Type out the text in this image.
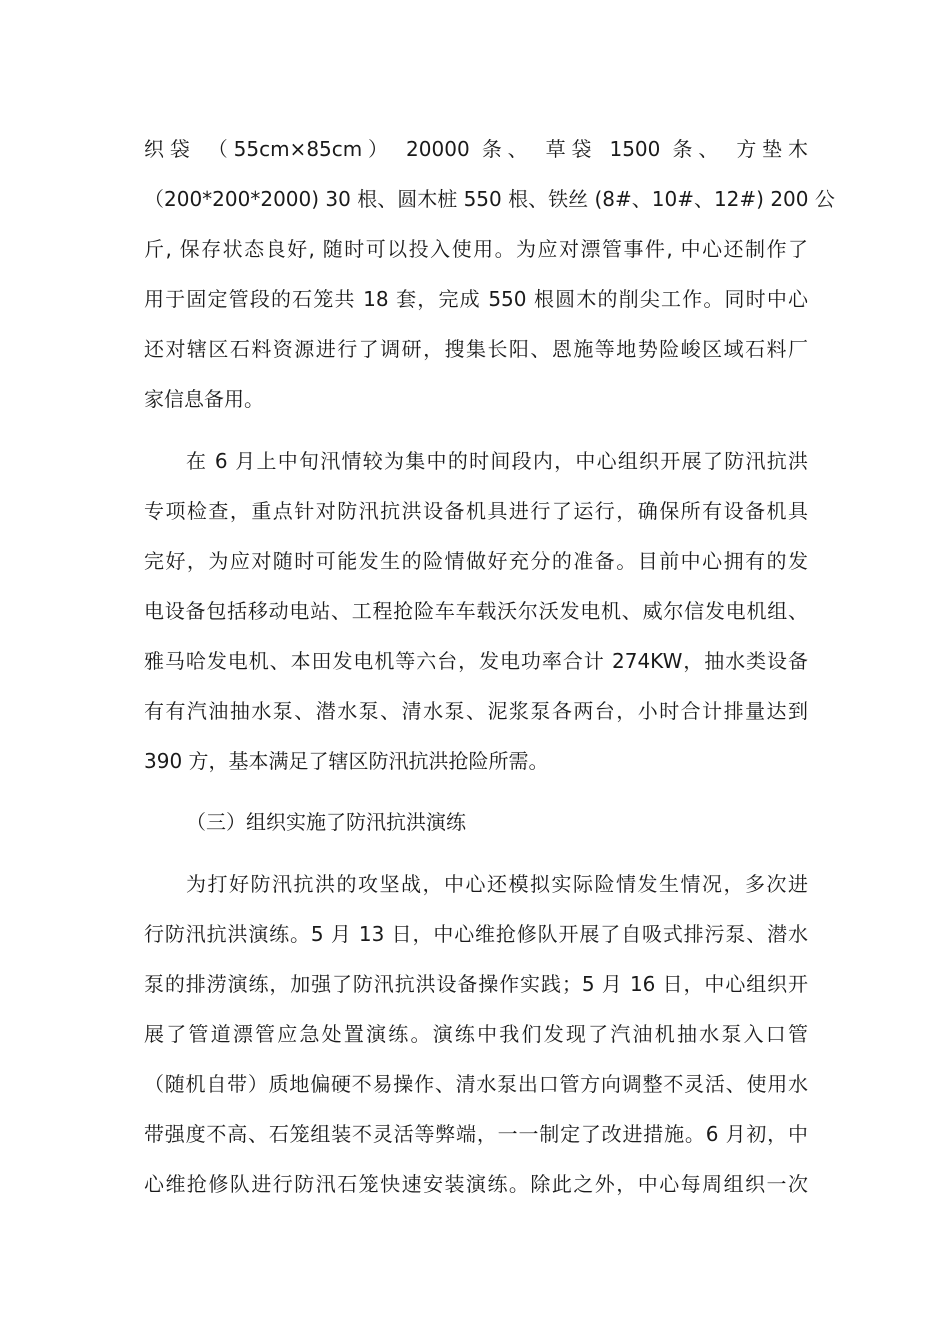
织袋 （55cm×85cm） 20000 条、 草袋 1500 条、 方垫木
（200*200*2000) 30 根、圆木桩 550 根、铁丝 (8#、10#、12#) 200 公
斤, 保存状态良好, 随时可以投入使用。为应对漂管事件, 中心还制作了
用于固定管段的石笼共 18 套，完成 550 根圆木的削尖工作。同时中心
还对辖区石料资源进行了调研，搜集长阳、恩施等地势险峻区域石料厂
家信息备用。
在 6 月上中旬汛情较为集中的时间段内，中心组织开展了防汛抗洪
专项检查，重点针对防汛抗洪设备机具进行了运行，确保所有设备机具
完好，为应对随时可能发生的险情做好充分的准备。目前中心拥有的发
电设备包括移动电站、工程抢险车车载沃尔沃发电机、威尔信发电机组、
雅马哈发电机、本田发电机等六台，发电功率合计 274KW，抽水类设备
有有汽油抽水泵、潜水泵、清水泵、泥浆泵各两台，小时合计排量达到
390 方，基本满足了辖区防汛抗洪抢险所需。
（三）组织实施了防汛抗洪演练
为打好防汛抗洪的攻坚战，中心还模拟实际险情发生情况，多次进
行防汛抗洪演练。5 月 13 日，中心维抢修队开展了自吸式排污泵、潜水
泵的排涝演练，加强了防汛抗洪设备操作实践；5 月 16 日，中心组织开
展了管道漂管应急处置演练。演练中我们发现了汽油机抽水泵入口管
（随机自带）质地偏硬不易操作、清水泵出口管方向调整不灵活、使用水
带强度不高、石笼组装不灵活等弊端，一一制定了改进措施。6 月初，中
心维抢修队进行防汛石笼快速安装演练。除此之外，中心每周组织一次
